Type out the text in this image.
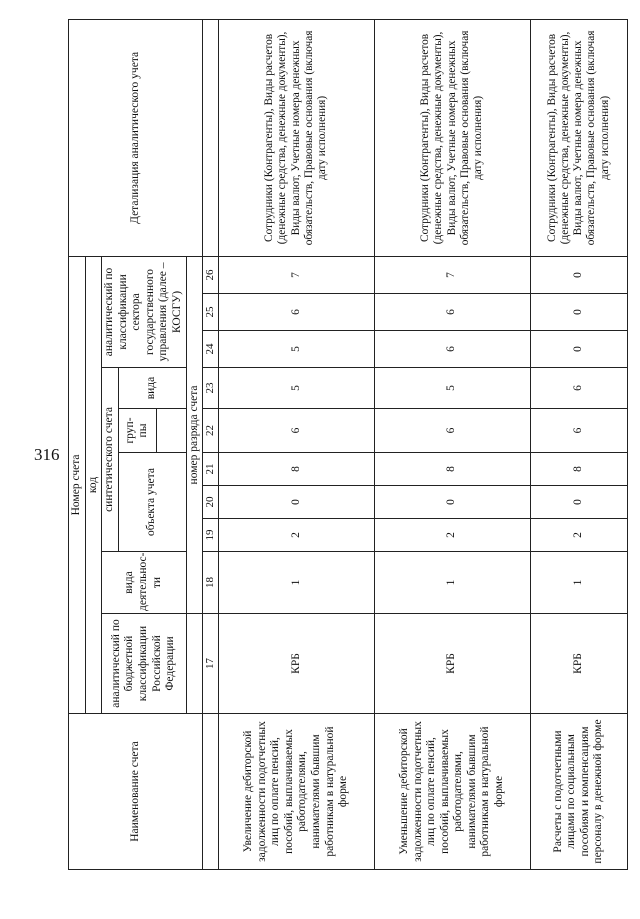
316
Наименование счета	Номер счета										Детализация аналитического учета
	код										
	аналитический по бюджетной классификации Российской Федерации	вида деятельнос-ти	синтетического счета					аналитический по классификации сектора государственного управления (далее – КОСГУ)			
			объекта учета			груп-пы	вида				

		номер разряда счета									
	17	18	19	20	21	22	23	24	25	26	
Увеличение дебиторской задолженности подотчетных лиц по оплате пенсий, пособий, выплачиваемых работодателями, нанимателями бывшим работникам в натуральной форме	КРБ	1	2	0	8	6	5	5	6	7	Сотрудники (Контрагенты), Виды расчетов (денежные средства, денежные документы), Виды валют, Учетные номера денежных обязательств, Правовые основания (включая дату исполнения)
Уменьшение дебиторской задолженности подотчетных лиц по оплате пенсий, пособий, выплачиваемых работодателями, нанимателями бывшим работникам в натуральной форме	КРБ	1	2	0	8	6	5	6	6	7	Сотрудники (Контрагенты), Виды расчетов (денежные средства, денежные документы), Виды валют, Учетные номера денежных обязательств, Правовые основания (включая дату исполнения)
Расчеты с подотчетными лицами по социальным пособиям и компенсациям персоналу в денежной форме	КРБ	1	2	0	8	6	6	0	0	0	Сотрудники (Контрагенты), Виды расчетов (денежные средства, денежные документы), Виды валют, Учетные номера денежных обязательств, Правовые основания (включая дату исполнения)
